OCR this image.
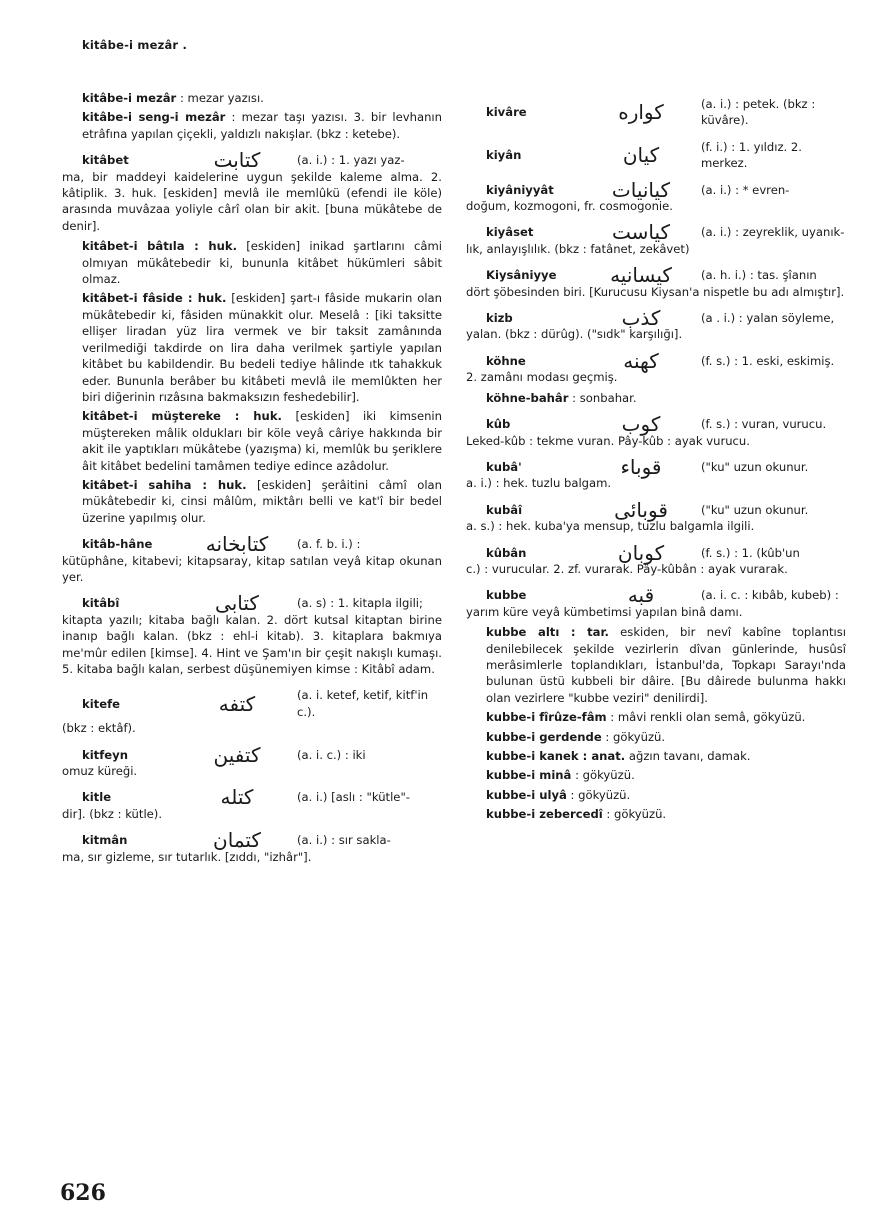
kitâbe-i mezâr .
kitâbe-i mezâr : mezar yazısı.
kitâbe-i seng-i mezâr : mezar taşı yazısı. 3. bir levhanın etrâfına yapılan çiçekli, yaldızlı nakışlar. (bkz : ketebe).
kitâbet	كتابت	(a. i.) : 1. yazı yaz-
ma, bir maddeyi kaidelerine uygun şekilde kaleme alma. 2. kâtiplik. 3. huk. [eskiden] mevlâ ile memlûkü (efendi ile köle) arasında muvâzaa yoliyle cârî olan bir akit. [buna mükâtebe de denir].
kitâbet-i bâtıla : huk. [eskiden] inikad şartlarını câmi olmıyan mükâtebedir ki, bununla kitâbet hükümleri sâbit olmaz.
kitâbet-i fâside : huk. [eskiden] şart-ı fâside mukarin olan mükâtebedir ki, fâsiden münakkit olur. Meselâ : [iki taksitte ellişer liradan yüz lira vermek ve bir taksit zamânında verilmediği takdirde on lira daha verilmek şartiyle yapılan kitâbet bu kabildendir. Bu bedeli tediye hâlinde ıtk tahakkuk eder. Bununla berâber bu kitâbeti mevlâ ile memlûkten her biri diğerinin rızâsına bakmaksızın feshedebilir].
kitâbet-i müştereke : huk. [eskiden] iki kimsenin müştereken mâlik oldukları bir köle veyâ câriye hakkında bir akit ile yaptıkları mükâtebe (yazışma) ki, memlûk bu şeriklere âit kitâbet bedelini tamâmen tediye edince azâdolur.
kitâbet-i sahiha : huk. [eskiden] şerâitini câmî olan mükâtebedir ki, cinsi mâlûm, miktârı belli ve kat'î bir bedel üzerine yapılmış olur.
kitâb-hâne	كتابخانه	(a. f. b. i.) :
kütüphâne, kitabevi; kitapsaray, kitap satılan veyâ kitap okunan yer.
kitâbî	كتابى	(a. s) : 1. kitapla ilgili;
kitapta yazılı; kitaba bağlı kalan. 2. dört kutsal kitaptan birine inanıp bağlı kalan. (bkz : ehl-i kitab). 3. kitaplara bakmıya me'mûr edilen [kimse]. 4. Hint ve Şam'ın bir çeşit nakışlı kumaşı. 5. kitaba bağlı kalan, serbest düşünemiyen kimse : Kitâbî adam.
kitefe	كتفه	(a. i. ketef, ketif, kitf'in c.).
(bkz : ektâf).
kitfeyn	كتفين	(a. i. c.) : iki
omuz küreği.
kitle	كتله	(a. i.) [aslı : "kütle"-
dir]. (bkz : kütle).
kitmân	كتمان	(a. i.) : sır sakla-
ma, sır gizleme, sır tutarlık. [zıddı, "izhâr"].
kivâre	كواره	(a. i.) : petek. (bkz : küvâre).
kiyân	كيان	(f. i.) : 1. yıldız. 2. merkez.
kiyâniyyât	كيانيات	(a. i.) : * evren-
doğum, kozmogoni, fr. cosmogonie.
kiyâset	كياست	(a. i.) : zeyreklik, uyanık-
lık, anlayışlılık. (bkz : fatânet, zekâvet)
Kiysâniyye	كيسانيه	(a. h. i.) : tas. şîanın
dört şöbesinden biri. [Kurucusu Kiysan'a nispetle bu adı almıştır].
kizb	كذب	(a . i.) : yalan söyleme,
yalan. (bkz : dürûg). ("sıdk" karşılığı].
köhne	كهنه	(f. s.) : 1. eski, eskimiş.
2. zamânı modası geçmiş.
köhne-bahâr : sonbahar.
kûb	كوب	(f. s.) : vuran, vurucu.
Leked-kûb : tekme vuran. Pây-kûb : ayak vurucu.
kubâ'	قوباء	("ku" uzun okunur.
a. i.) : hek. tuzlu balgam.
kubâî	قوبائى	("ku" uzun okunur.
a. s.) : hek. kuba'ya mensup, tuzlu balgamla ilgili.
kûbân	كوبان	(f. s.) : 1. (kûb'un
c.) : vurucular. 2. zf. vurarak. Pây-kûbân : ayak vurarak.
kubbe	قبه	(a. i. c. : kıbâb, kubeb) :
yarım küre veyâ kümbetimsi yapılan binâ damı.
kubbe altı : tar. eskiden, bir nevî kabîne toplantısı denilebilecek şekilde vezirlerin dîvan günlerinde, husûsî merâsimlerle toplandıkları, İstanbul'da, Topkapı Sarayı'nda bulunan üstü kubbeli bir dâire. [Bu dâirede bulunma hakkı olan vezirlere "kubbe veziri" denilirdi].
kubbe-i fîrûze-fâm : mâvi renkli olan semâ, gökyüzü.
kubbe-i gerdende : gökyüzü.
kubbe-i kanek : anat. ağzın tavanı, damak.
kubbe-i minâ : gökyüzü.
kubbe-i ulyâ : gökyüzü.
kubbe-i zebercedî : gökyüzü.
626
